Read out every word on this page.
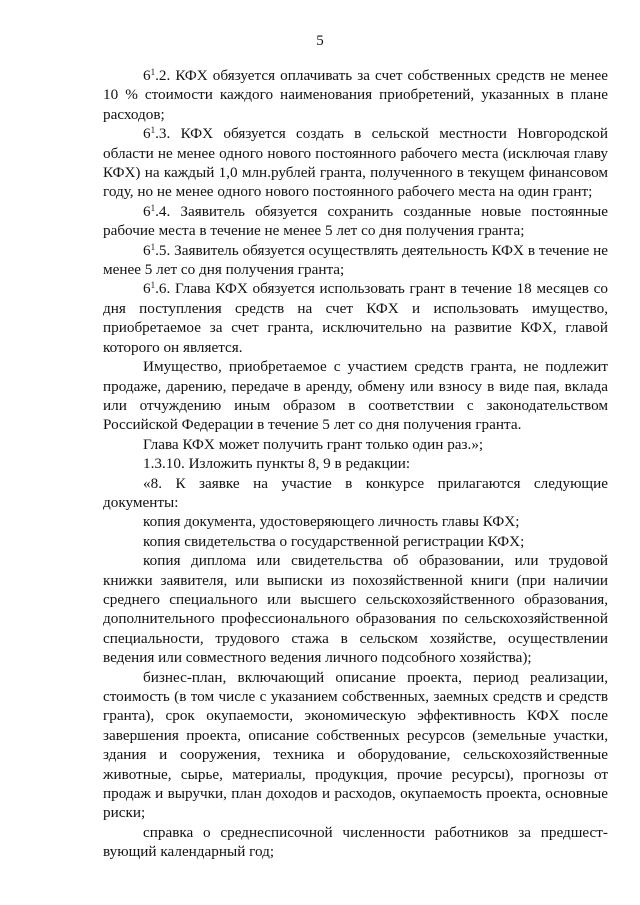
5

$6^1.2$. КФХ обязуется оплачивать за счет собственных средств не менее 10 % стоимости каждого наименования приобретений, указанных в плане расходов;

$6^1.3$. КФХ обязуется создать в сельской местности Новгородской области не менее одного нового постоянного рабочего места (исключая главу КФХ) на каждый 1,0 млн.рублей гранта, полученного в текущем финансовом году, но не менее одного нового постоянного рабочего места на один грант;

$6^1.4$. Заявитель обязуется сохранить созданные новые постоянные рабочие места в течение не менее 5 лет со дня получения гранта;

$6^1.5$. Заявитель обязуется осуществлять деятельность КФХ в течение не менее 5 лет со дня получения гранта;

$6^1.6$. Глава КФХ обязуется использовать грант в течение 18 месяцев со дня поступления средств на счет КФХ и использовать имущество, приобретаемое за счет гранта, исключительно на развитие КФХ, главой которого он является.

Имущество, приобретаемое с участием средств гранта, не подлежит продаже, дарению, передаче в аренду, обмену или взносу в виде пая, вклада или отчуждению иным образом в соответствии с законодательством Российской Федерации в течение 5 лет со дня получения гранта.

Глава КФХ может получить грант только один раз.»;

1.3.10. Изложить пункты 8, 9 в редакции:

«8. К заявке на участие в конкурсе прилагаются следующие документы:

копия документа, удостоверяющего личность главы КФХ;

копия свидетельства о государственной регистрации КФХ;

копия диплома или свидетельства об образовании, или трудовой книжки заявителя, или выписки из похозяйственной книги (при наличии среднего специального или высшего сельскохозяйственного образования, дополнительного профессионального образования по сельскохозяйственной специальности, трудового стажа в сельском хозяйстве, осуществлении ведения или совместного ведения личного подсобного хозяйства);

бизнес-план, включающий описание проекта, период реализации, стоимость (в том числе с указанием собственных, заемных средств и средств гранта), срок окупаемости, экономическую эффективность КФХ после завершения проекта, описание собственных ресурсов (земельные участки, здания и сооружения, техника и оборудование, сельскохозяйственные животные, сырье, материалы, продукция, прочие ресурсы), прогнозы от продаж и выручки, план доходов и расходов, окупаемость проекта, основные риски;

справка о среднесписочной численности работников за предшест-вующий календарный год;
